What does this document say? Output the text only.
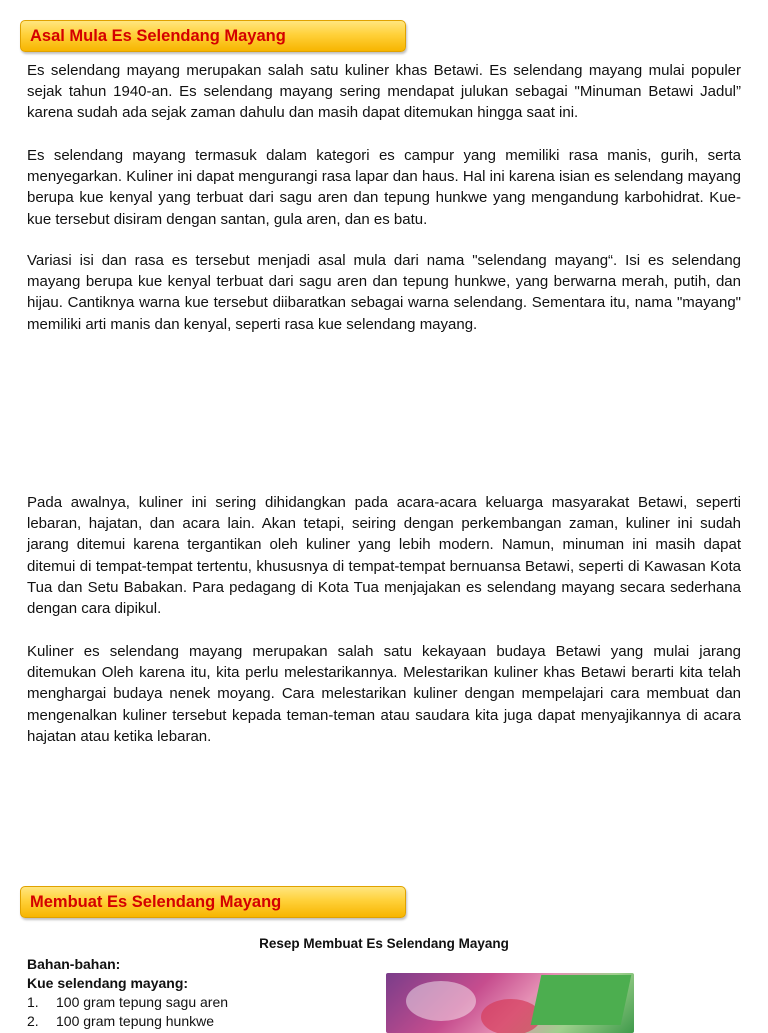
Asal Mula Es Selendang Mayang

Es selendang mayang merupakan salah satu kuliner khas Betawi. Es selendang mayang mulai populer sejak tahun 1940-an. Es selendang mayang sering mendapat julukan sebagai "Minuman Betawi Jadul” karena sudah ada sejak zaman dahulu dan masih dapat ditemukan hingga saat ini.

Es selendang mayang termasuk dalam kategori es campur yang memiliki rasa manis, gurih, serta menyegarkan. Kuliner ini dapat mengurangi rasa lapar dan haus. Hal ini karena isian es selendang mayang berupa kue kenyal yang terbuat dari sagu aren dan tepung hunkwe yang mengandung karbohidrat. Kue-kue tersebut disiram dengan santan, gula aren, dan es batu.

Variasi isi dan rasa es tersebut menjadi asal mula dari nama "selendang mayang“. Isi es selendang mayang berupa kue kenyal terbuat dari sagu aren dan tepung hunkwe, yang berwarna merah, putih, dan hijau. Cantiknya warna kue tersebut diibaratkan sebagai warna selendang. Sementara itu, nama "mayang" memiliki arti manis dan kenyal, seperti rasa kue selendang mayang.

Pada awalnya, kuliner ini sering dihidangkan pada acara-acara keluarga masyarakat Betawi, seperti lebaran, hajatan, dan acara lain. Akan tetapi, seiring dengan perkembangan zaman, kuliner ini sudah jarang ditemui karena tergantikan oleh kuliner yang lebih modern. Namun, minuman ini masih dapat ditemui di tempat-tempat tertentu, khususnya di tempat-tempat bernuansa Betawi, seperti di Kawasan Kota Tua dan Setu Babakan. Para pedagang di Kota Tua menjajakan es selendang mayang secara sederhana dengan cara dipikul.

Kuliner es selendang mayang merupakan salah satu kekayaan budaya Betawi yang mulai jarang ditemukan Oleh karena itu, kita perlu melestarikannya. Melestarikan kuliner khas Betawi berarti kita telah menghargai budaya nenek moyang. Cara melestarikan kuliner dengan mempelajari cara membuat dan mengenalkan kuliner tersebut kepada teman-teman atau saudara kita juga dapat menyajikannya di acara hajatan atau ketika lebaran.

Membuat Es Selendang Mayang
Resep Membuat Es Selendang Mayang
Bahan-bahan:
Kue selendang mayang:
1. 100 gram tepung sagu aren
2. 100 gram tepung hunkwe
